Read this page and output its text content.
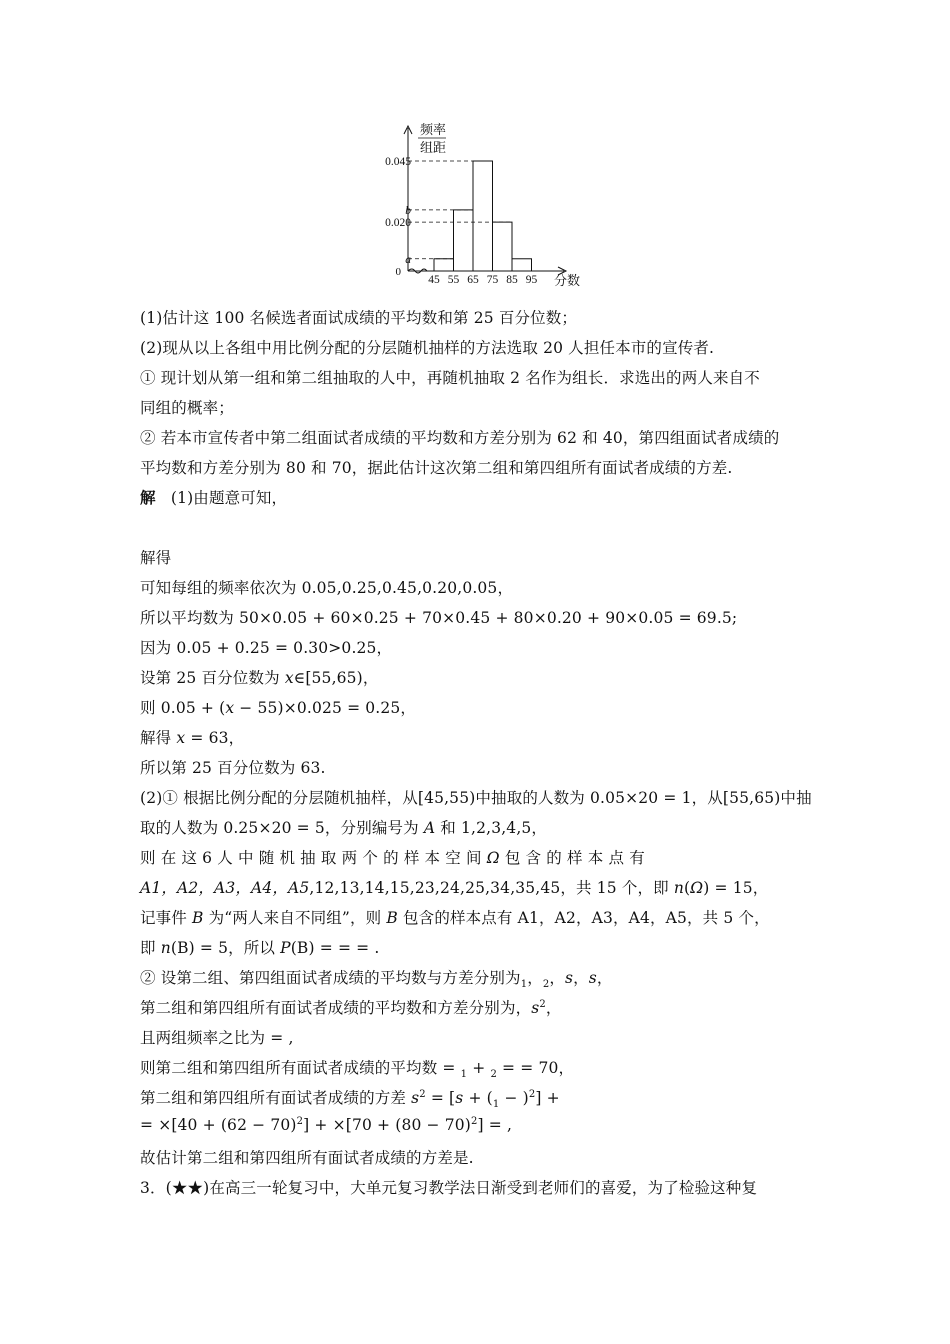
频率
组距
0
0.045
b
0.020
a
45 55 65 75 85 95 分数
(1)估计这 100 名候选者面试成绩的平均数和第 25 百分位数；
(2)现从以上各组中用比例分配的分层随机抽样的方法选取 20 人担任本市的宣传者.
① 现计划从第一组和第二组抽取的人中，再随机抽取 2 名作为组长．求选出的两人来自不
同组的概率；
② 若本市宣传者中第二组面试者成绩的平均数和方差分别为 62 和 40，第四组面试者成绩的
平均数和方差分别为 80 和 70，据此估计这次第二组和第四组所有面试者成绩的方差.
解 (1)由题意可知，
解得
可知每组的频率依次为 0.05,0.25,0.45,0.20,0.05，
所以平均数为 50×0.05 + 60×0.25 + 70×0.45 + 80×0.20 + 90×0.05 = 69.5;
因为 0.05 + 0.25 = 0.30>0.25，
设第 25 百分位数为 x∈[55,65)，
则 0.05 + (x − 55)×0.025 = 0.25，
解得 x = 63，
所以第 25 百分位数为 63.
(2)① 根据比例分配的分层随机抽样，从[45,55)中抽取的人数为 0.05×20 = 1，从[55,65)中抽
取的人数为 0.25×20 = 5，分别编号为 A 和 1,2,3,4,5，
则 在 这 6 人 中 随 机 抽 取 两 个 的 样 本 空 间 Ω 包 含 的 样 本 点 有
A1，A2，A3，A4，A5,12,13,14,15,23,24,25,34,35,45，共 15 个，即 n(Ω) = 15，
记事件 B 为“两人来自不同组”，则 B 包含的样本点有 A1，A2，A3，A4，A5，共 5 个，
即 n(B) = 5，所以 P(B) = = = .
② 设第二组、第四组面试者成绩的平均数与方差分别为$_1$，$_2$，s，s，
第二组和第四组所有面试者成绩的平均数和方差分别为，$s^2$，
且两组频率之比为 = ,
则第二组和第四组所有面试者成绩的平均数 = $_1$ + $_2$ = = 70，
第二组和第四组所有面试者成绩的方差 $s^2 = [s + (_1 - )^2]$ +
= $\times[40 + (62 - 70)^2] + \times[70 + (80 - 70)^2]$ = ,
故估计第二组和第四组所有面试者成绩的方差是.
3．(★★)在高三一轮复习中，大单元复习教学法日渐受到老师们的喜爱，为了检验这种复
